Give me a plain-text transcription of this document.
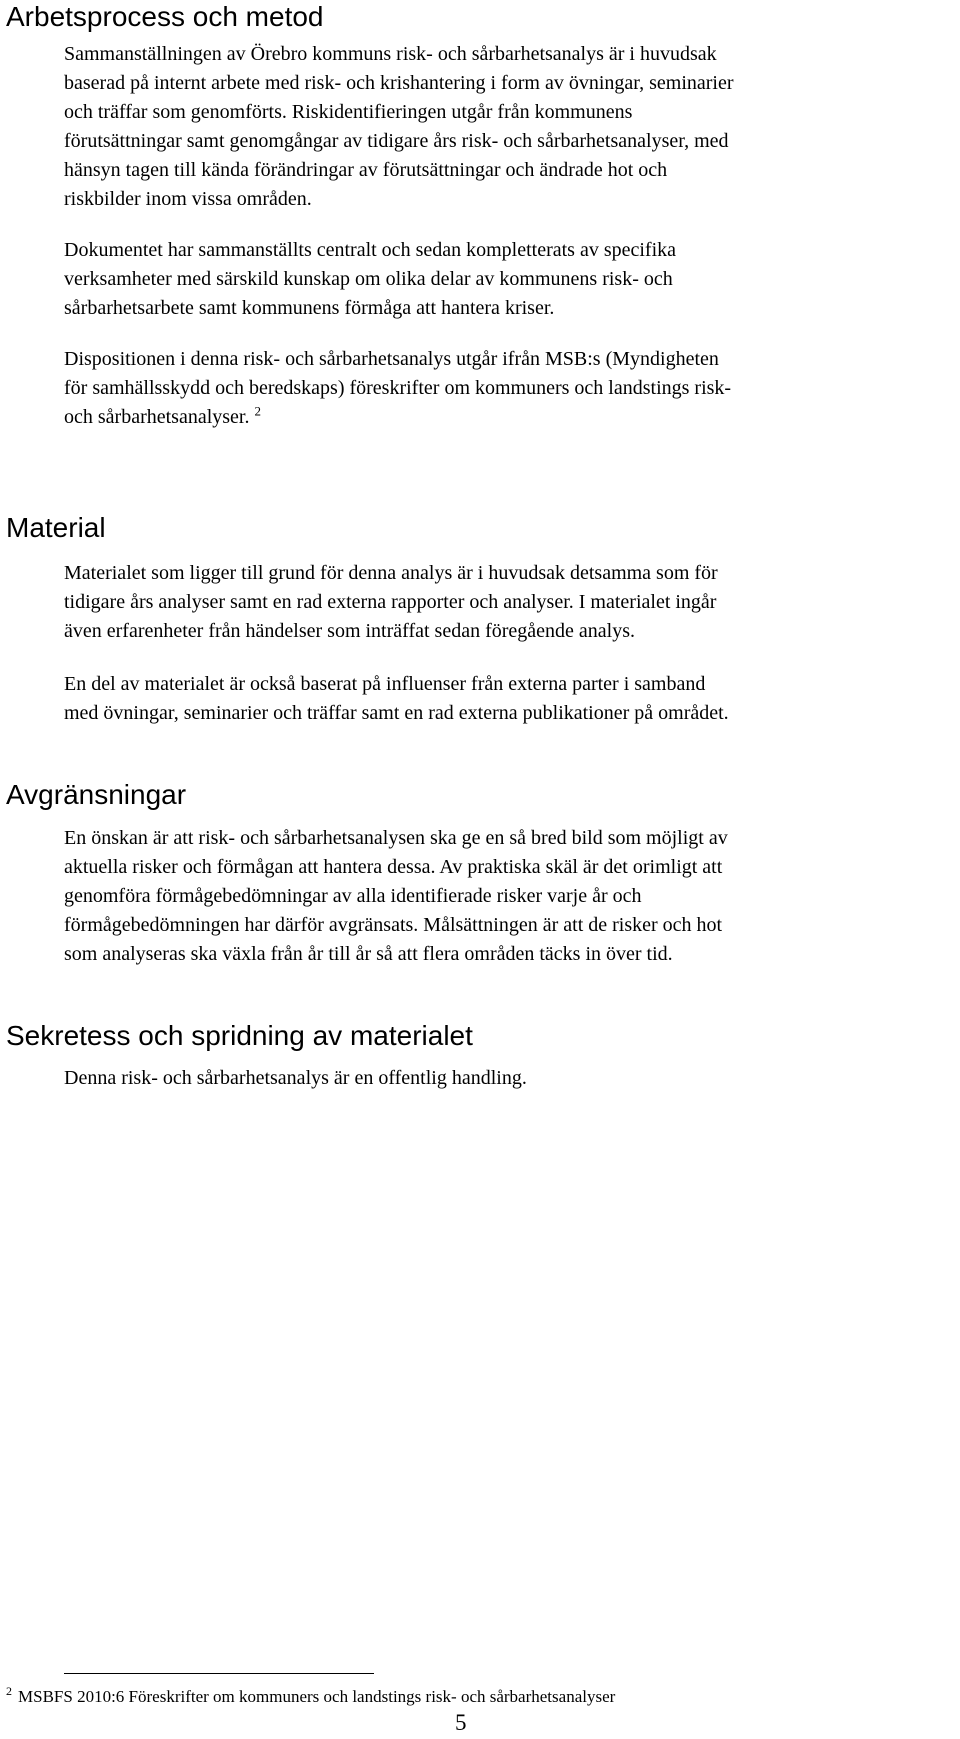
Arbetsprocess och metod

Sammanställningen av Örebro kommuns risk- och sårbarhetsanalys är i huvudsak
baserad på internt arbete med risk- och krishantering i form av övningar, seminarier
och träffar som genomförts. Riskidentifieringen utgår från kommunens
förutsättningar samt genomgångar av tidigare års risk- och sårbarhetsanalyser, med
hänsyn tagen till kända förändringar av förutsättningar och ändrade hot och
riskbilder inom vissa områden.

Dokumentet har sammanställts centralt och sedan kompletterats av specifika
verksamheter med särskild kunskap om olika delar av kommunens risk- och
sårbarhetsarbete samt kommunens förmåga att hantera kriser.

Dispositionen i denna risk- och sårbarhetsanalys utgår ifrån MSB:s (Myndigheten
för samhällsskydd och beredskaps) föreskrifter om kommuners och landstings risk-
och sårbarhetsanalyser. $^2$

Material

Materialet som ligger till grund för denna analys är i huvudsak detsamma som för
tidigare års analyser samt en rad externa rapporter och analyser. I materialet ingår
även erfarenheter från händelser som inträffat sedan föregående analys.

En del av materialet är också baserat på influenser från externa parter i samband
med övningar, seminarier och träffar samt en rad externa publikationer på området.

Avgränsningar

En önskan är att risk- och sårbarhetsanalysen ska ge en så bred bild som möjligt av
aktuella risker och förmågan att hantera dessa. Av praktiska skäl är det orimligt att
genomföra förmågebedömningar av alla identifierade risker varje år och
förmågebedömningen har därför avgränsats. Målsättningen är att de risker och hot
som analyseras ska växla från år till år så att flera områden täcks in över tid.

Sekretess och spridning av materialet

Denna risk- och sårbarhetsanalys är en offentlig handling.

$^2$ MSBFS 2010:6 Föreskrifter om kommuners och landstings risk- och sårbarhetsanalyser

5
